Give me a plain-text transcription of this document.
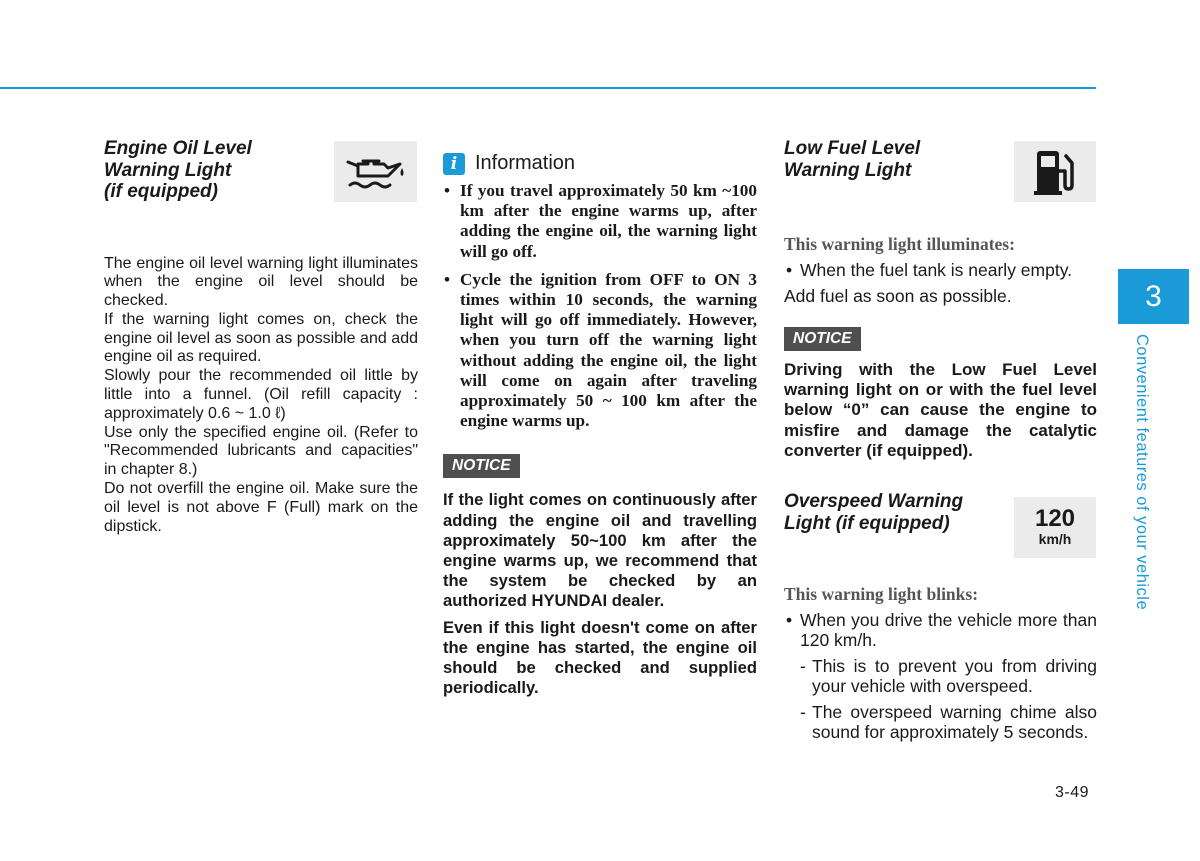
Engine Oil Level
Warning Light
(if equipped)

The engine oil level warning light illuminates when the engine oil level should be checked.

If the warning light comes on, check the engine oil level as soon as possible and add engine oil as required.

Slowly pour the recommended oil little by little into a funnel. (Oil refill capacity : approximately 0.6 ~ 1.0 ℓ)

Use only the specified engine oil. (Refer to "Recommended lubricants and capacities" in chapter 8.)

Do not overfill the engine oil. Make sure the oil level is not above F (Full) mark on the dipstick.

i Information
• If you travel approximately 50 km ~100 km after the engine warms up, after adding the engine oil, the warning light will go off.
• Cycle the ignition from OFF to ON 3 times within 10 seconds, the warning light will go off immediately. However, when you turn off the warning light without adding the engine oil, the light will come on again after traveling approximately 50 ~ 100 km after the engine warms up.
NOTICE

If the light comes on continuously after adding the engine oil and travelling approximately 50~100 km after the engine warms up, we recommend that the system be checked by an authorized HYUNDAI dealer.

Even if this light doesn't come on after the engine has started, the engine oil should be checked and supplied periodically.

Low Fuel Level
Warning Light

This warning light illuminates:

• When the fuel tank is nearly empty.

Add fuel as soon as possible.

NOTICE

Driving with the Low Fuel Level warning light on or with the fuel level below “0” can cause the engine to misfire and damage the catalytic converter (if equipped).

Overspeed Warning
Light (if equipped)

This warning light blinks:

• When you drive the vehicle more than 120 km/h.
- This is to prevent you from driving your vehicle with overspeed.
- The overspeed warning chime also sound for approximately 5 seconds.
120
km/h
3
Convenient features of your vehicle
3-49
